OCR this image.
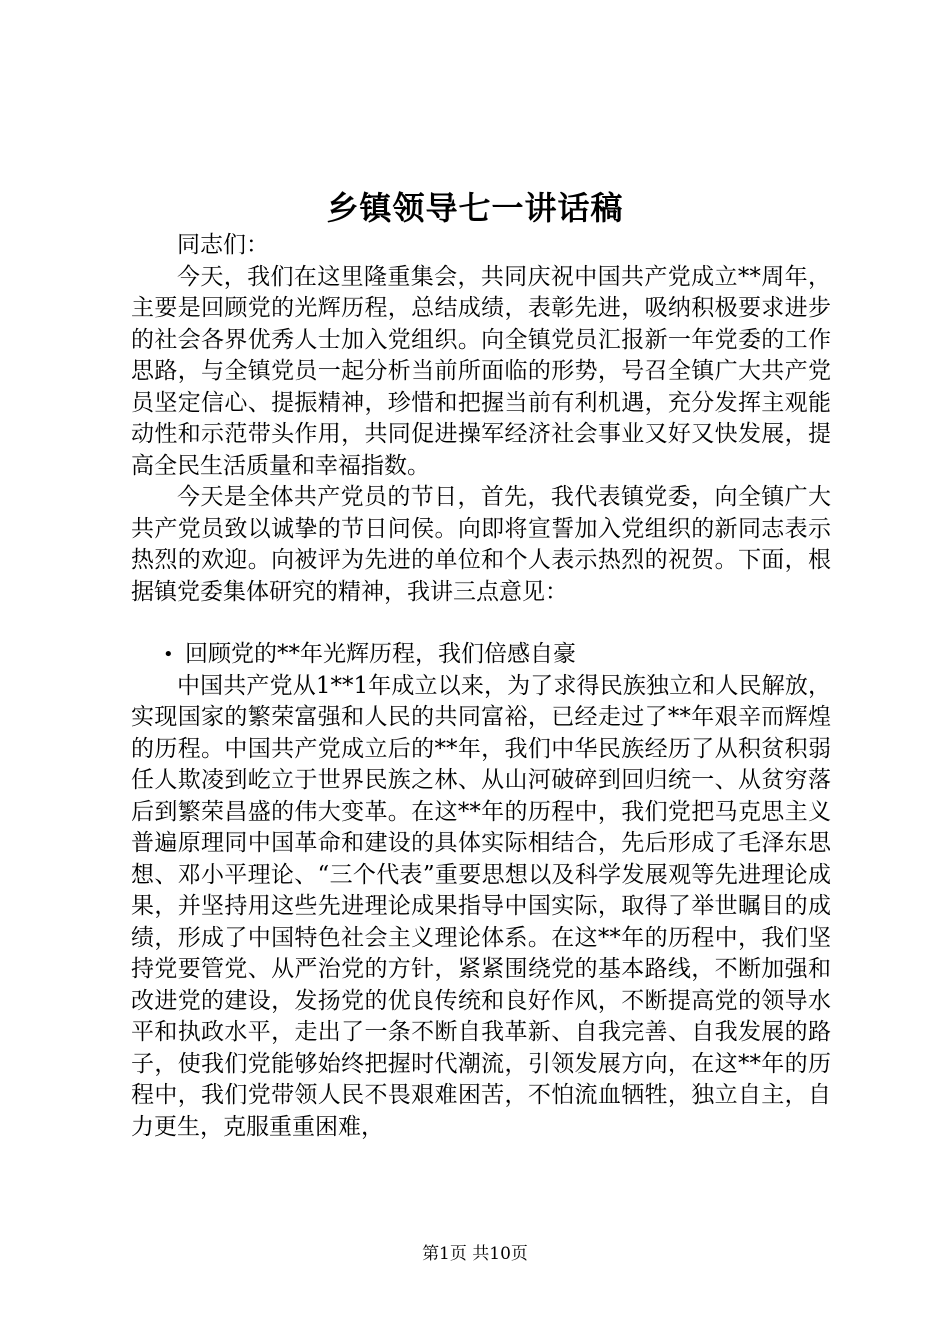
乡镇领导七一讲话稿

同志们：

今天，我们在这里隆重集会，共同庆祝中国共产党成立**周年，主要是回顾党的光辉历程，总结成绩，表彰先进，吸纳积极要求进步的社会各界优秀人士加入党组织。向全镇党员汇报新一年党委的工作思路，与全镇党员一起分析当前所面临的形势，号召全镇广大共产党员坚定信心、提振精神，珍惜和把握当前有利机遇，充分发挥主观能动性和示范带头作用，共同促进操军经济社会事业又好又快发展，提高全民生活质量和幸福指数。

今天是全体共产党员的节日，首先，我代表镇党委，向全镇广大共产党员致以诚挚的节日问侯。向即将宣誓加入党组织的新同志表示热烈的欢迎。向被评为先进的单位和个人表示热烈的祝贺。下面，根据镇党委集体研究的精神，我讲三点意见：

• 回顾党的**年光辉历程，我们倍感自豪

中国共产党从1**1年成立以来，为了求得民族独立和人民解放，实现国家的繁荣富强和人民的共同富裕，已经走过了**年艰辛而辉煌的历程。中国共产党成立后的**年，我们中华民族经历了从积贫积弱任人欺凌到屹立于世界民族之林、从山河破碎到回归统一、从贫穷落后到繁荣昌盛的伟大变革。在这**年的历程中，我们党把马克思主义普遍原理同中国革命和建设的具体实际相结合，先后形成了毛泽东思想、邓小平理论、“三个代表”重要思想以及科学发展观等先进理论成果，并坚持用这些先进理论成果指导中国实际，取得了举世瞩目的成绩，形成了中国特色社会主义理论体系。在这**年的历程中，我们坚持党要管党、从严治党的方针，紧紧围绕党的基本路线，不断加强和改进党的建设，发扬党的优良传统和良好作风，不断提高党的领导水平和执政水平，走出了一条不断自我革新、自我完善、自我发展的路子，使我们党能够始终把握时代潮流，引领发展方向，在这**年的历程中，我们党带领人民不畏艰难困苦，不怕流血牺牲，独立自主，自力更生，克服重重困难，

第1页 共10页
